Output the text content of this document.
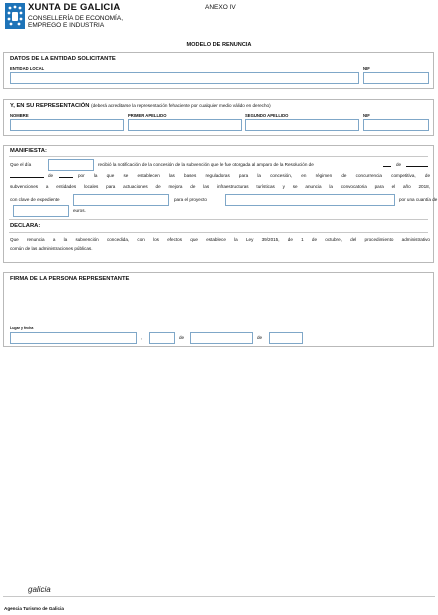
XUNTA DE GALICIA
CONSELLERÍA DE ECONOMÍA,
EMPREGO E INDUSTRIA
ANEXO IV
MODELO DE RENUNCIA
DATOS DE LA ENTIDAD SOLICITANTE
ENTIDAD LOCAL	NIF
Y, EN SU REPRESENTACIÓN (deberá acreditarse la representación fehaciente por cualquier medio válido en derecho)
NOMBRE	PRIMER APELLIDO	SEGUNDO APELLIDO	NIF
MANIFIESTA:
Que el día	recibió la notificación de la concesión de la subvención que le fue otorgada al amparo de la Resolución de	de
de	por la que se establecen las bases reguladoras para la concesión, en régimen de concurrencia competitiva, de
subvenciones a entidades locales para actuaciones de mejora de las infraestructuras turísticas y se anuncia la convocatoria para el año 2018,
con clave de expediente	para el proyecto	por una cuantía de
euros.
DECLARA:
Que renuncia a la subvención concedida, con los efectos que establece la Ley 39/2015, de 1 de octubre, del procedimiento administrativo
común de las administraciones públicas.
FIRMA DE LA PERSONA REPRESENTANTE
Lugar y fecha
,	de	de
galicia
Agencia Turismo de Galicia
